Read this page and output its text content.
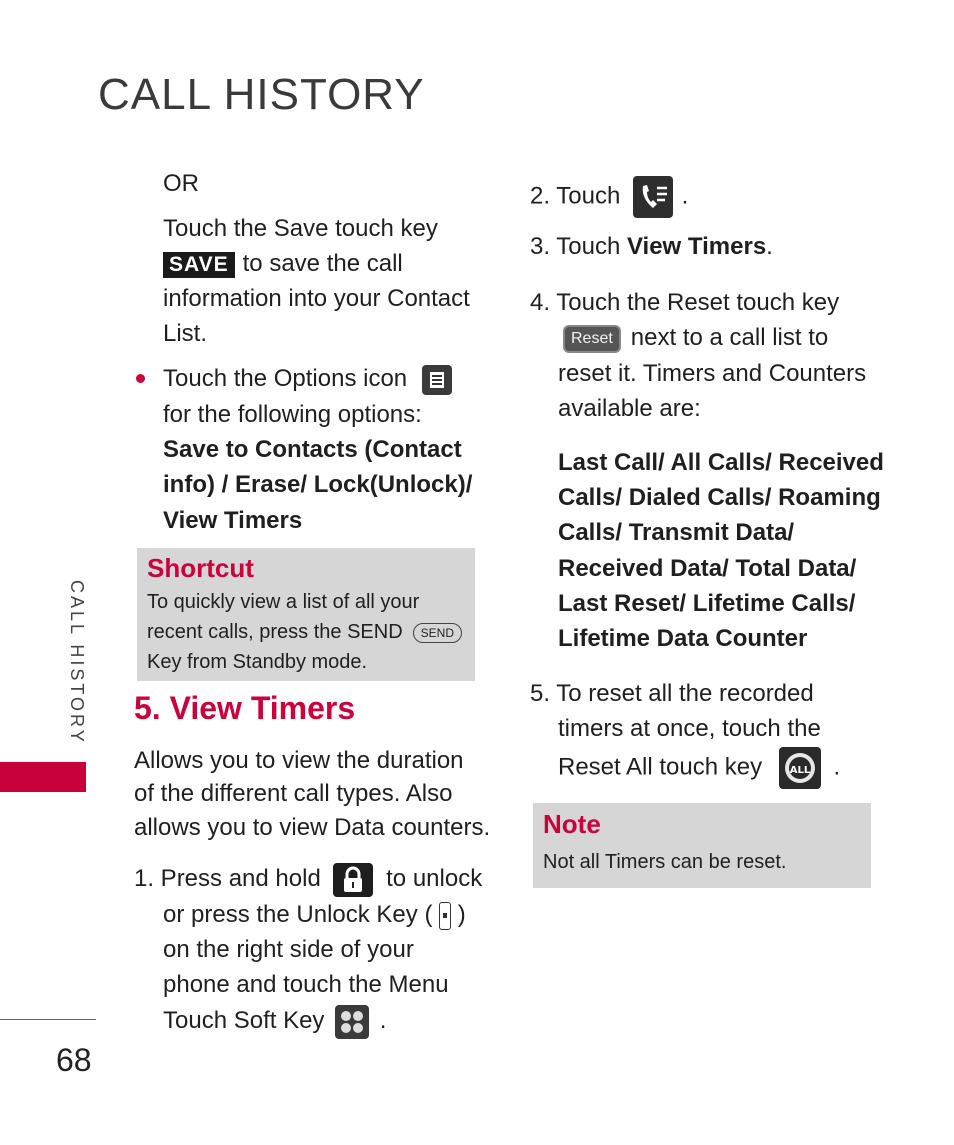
CALL HISTORY
CALL HISTORY
68
OR
Touch the Save touch key
SAVE to save the call
information into your Contact
List.
Touch the Options icon
for the following options:
Save to Contacts (Contact
info) / Erase/ Lock(Unlock)/
View Timers
Shortcut
To quickly view a list of all your
recent calls, press the SEND SEND
Key from Standby mode.
5. View Timers
Allows you to view the duration
of the different call types. Also
allows you to view Data counters.
1. Press and hold	to unlock
or press the Unlock Key ( )
on the right side of your
phone and touch the Menu
Touch Soft Key .
2. Touch	.
3. Touch View Timers.
4. Touch the Reset touch key
Reset next to a call list to
reset it. Timers and Counters
available are:
Last Call/ All Calls/ Received
Calls/ Dialed Calls/ Roaming
Calls/ Transmit Data/
Received Data/ Total Data/
Last Reset/ Lifetime Calls/
Lifetime Data Counter
5. To reset all the recorded
timers at once, touch the
Reset All touch key	ALL .
Note
Not all Timers can be reset.
